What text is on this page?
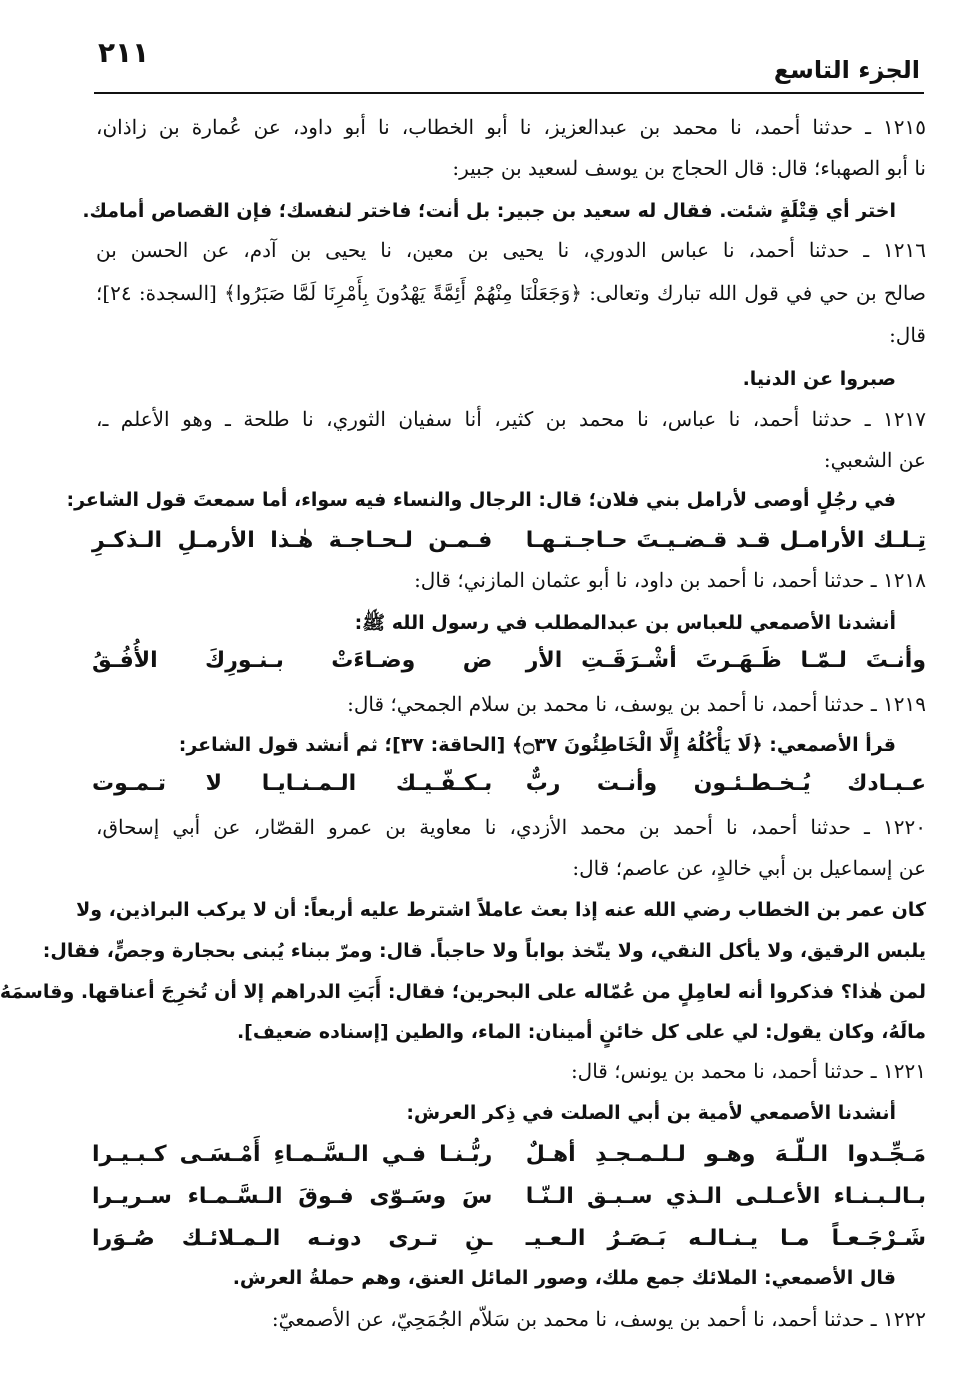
٢١١
الجزء التاسع
١٢١٥ ـ حدثنا أحمد، نا محمد بن عبدالعزيز، نا أبو الخطاب، نا أبو داود، عن عُمارة بن زاذان،
نا أبو الصهباء؛ قال: قال الحجاج بن يوسف لسعيد بن جبير:
اختر أي قِتْلَةٍ شئت. فقال له سعيد بن جبير: بل أنت؛ فاختر لنفسك؛ فإن القصاص أمامك.
١٢١٦ ـ حدثنا أحمد، نا عباس الدوري، نا يحيى بن معين، نا يحيى بن آدم، عن الحسن بن
صالح بن حي في قول الله تبارك وتعالى: ﴿وَجَعَلْنَا مِنْهُمْ أَئِمَّةً يَهْدُونَ بِأَمْرِنَا لَمَّا صَبَرُوا﴾ [السجدة: ٢٤]؛
قال:
صبروا عن الدنيا.
١٢١٧ ـ حدثنا أحمد، نا عباس، نا محمد بن كثير، أنا سفيان الثوري، نا طلحة ـ وهو الأعلم ـ،
عن الشعبي:
في رجُلٍ أوصى لأرامل بني فلان؛ قال: الرجال والنساء فيه سواء، أما سمعتَ قول الشاعر:
تِـلـك الأرامـل قـد قـضـيـتَ حـاجـتـهـا
فـمـن لـحـاجـة هٰـذا الأرمـلِ الـذكـرِ
١٢١٨ ـ حدثنا أحمد، نا أحمد بن داود، نا أبو عثمان المازني؛ قال:
أنشدنا الأصمعي للعباس بن عبدالمطلب في رسول الله ﷺ:
وأنـتَ لـمّـا ظَـهَـرتَ أشْـرَقَـتِ الأر
ض وضـاءَتْ بـنـورِكَ الأُفُـقُ
١٢١٩ ـ حدثنا أحمد، نا أحمد بن يوسف، نا محمد بن سلام الجمحي؛ قال:
قرأ الأصمعي: ﴿لَا يَأْكُلُهُ إِلَّا الْخَاطِئُونَ ۝٣٧﴾ [الحاقة: ٣٧]؛ ثم أنشد قول الشاعر:
عـبـادك يُـخـطـئـون وأنـت ربٌّ
بـكـفّـيـك الـمـنـايـا لا تـمـوت
١٢٢٠ ـ حدثنا أحمد، نا أحمد بن محمد الأزدي، نا معاوية بن عمرو القصّار، عن أبي إسحاق،
عن إسماعيل بن أبي خالدٍ، عن عاصم؛ قال:
كان عمر بن الخطاب رضي الله عنه إذا بعث عاملاً اشترط عليه أربعاً: أن لا يركب البراذين، ولا
يلبس الرقيق، ولا يأكل النقي، ولا يتّخذ بواباً ولا حاجباً. قال: ومرّ ببناء يُبنى بحجارة وجصٍّ، فقال:
لمن هٰذا؟ فذكروا أنه لعامِلٍ من عُمّاله على البحرين؛ فقال: أَبَتِ الدراهم إلا أن تُخرِجَ أعناقها. وقاسمَهُ
مالَهُ، وكان يقول: لي على كل خائنٍ أمينان: الماء، والطين [إسناده ضعيف].
١٢٢١ ـ حدثنا أحمد، نا محمد بن يونس؛ قال:
أنشدنا الأصمعي لأمية بن أبي الصلت في ذِكر العرش:
مَـجِّـدوا الـلّـهَ وهـو لـلـمـجـدِ أهـلٌ
ربُّـنـا فـي الـسَّـمـاءِ أَمْـسَـى كـبـيـرا
بـالـبـنـاء الأعـلـى الـذي سـبـق الـنّـا
سَ وسَـوّى فـوقَ الـسَّـمـاء سـريـرا
شَـرْجَـعـاً مـا يـنـالـه بَـصَـرُ الـعـيـ
ـنِ تـرى دونـه الـمـلائـك صُـوَرا
قال الأصمعي: الملائك جمع ملك، وصور المائل العنق، وهم حملةُ العرش.
١٢٢٢ ـ حدثنا أحمد، نا أحمد بن يوسف، نا محمد بن سَلاّم الجُمَحِيّ، عن الأصمعيّ:
